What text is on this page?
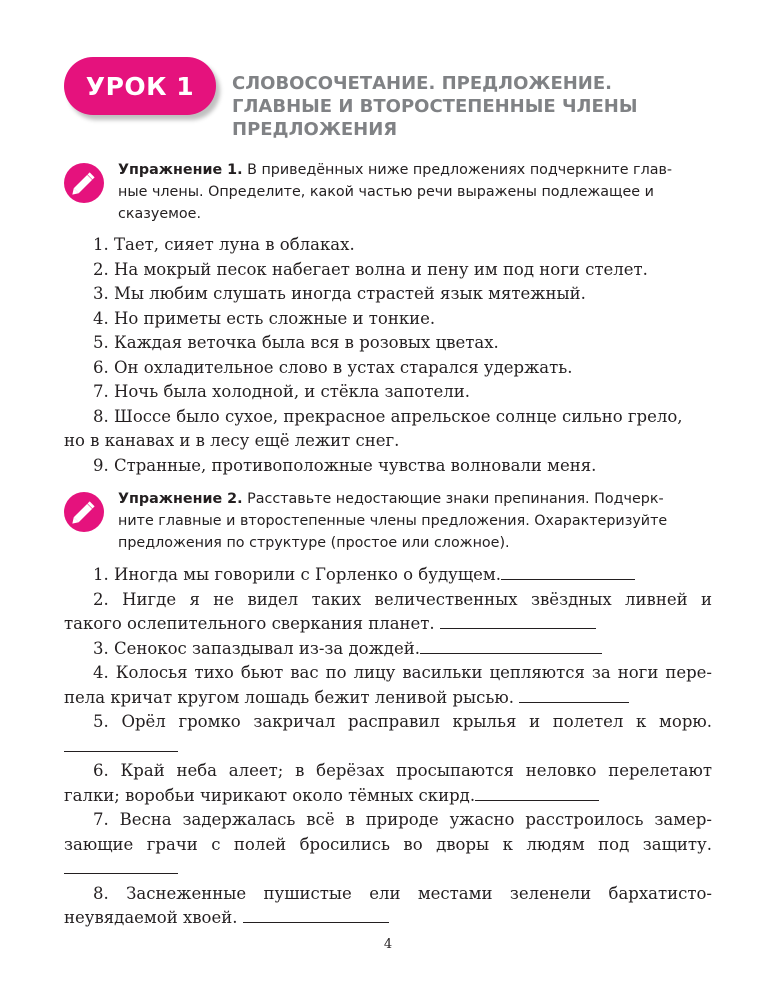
УРОК 1	СЛОВОСОЧЕТАНИЕ. ПРЕДЛОЖЕНИЕ.
ГЛАВНЫЕ И ВТОРОСТЕПЕННЫЕ ЧЛЕНЫ
ПРЕДЛОЖЕНИЯ
Упражнение 1. В приведённых ниже предложениях подчеркните глав-
ные члены. Определите, какой частью речи выражены подлежащее и
сказуемое.
1. Тает, сияет луна в облаках.
2. На мокрый песок набегает волна и пену им под ноги стелет.
3. Мы любим слушать иногда страстей язык мятежный.
4. Но приметы есть сложные и тонкие.
5. Каждая веточка была вся в розовых цветах.
6. Он охладительное слово в устах старался удержать.
7. Ночь была холодной, и стёкла запотели.
8. Шоссе было сухое, прекрасное апрельское солнце сильно грело,
но в канавах и в лесу ещё лежит снег.
9. Странные, противоположные чувства волновали меня.
Упражнение 2. Расставьте недостающие знаки препинания. Подчерк-
ните главные и второстепенные члены предложения. Охарактеризуйте
предложения по структуре (простое или сложное).
1. Иногда мы говорили с Горленко о будущем.
2. Нигде я не видел таких величественных звёздных ливней и
такого ослепительного сверкания планет.
3. Сенокос запаздывал из-за дождей.
4. Колосья тихо бьют вас по лицу васильки цепляются за ноги пере-
пела кричат кругом лошадь бежит ленивой рысью.
5. Орёл громко закричал расправил крылья и полетел к морю.
6. Край неба алеет; в берёзах просыпаются неловко перелетают
галки; воробьи чирикают около тёмных скирд.
7. Весна задержалась всё в природе ужасно расстроилось замер-
зающие грачи с полей бросились во дворы к людям под защиту.
8. Заснеженные пушистые ели местами зеленели бархатисто-
неувядаемой хвоей.
4
